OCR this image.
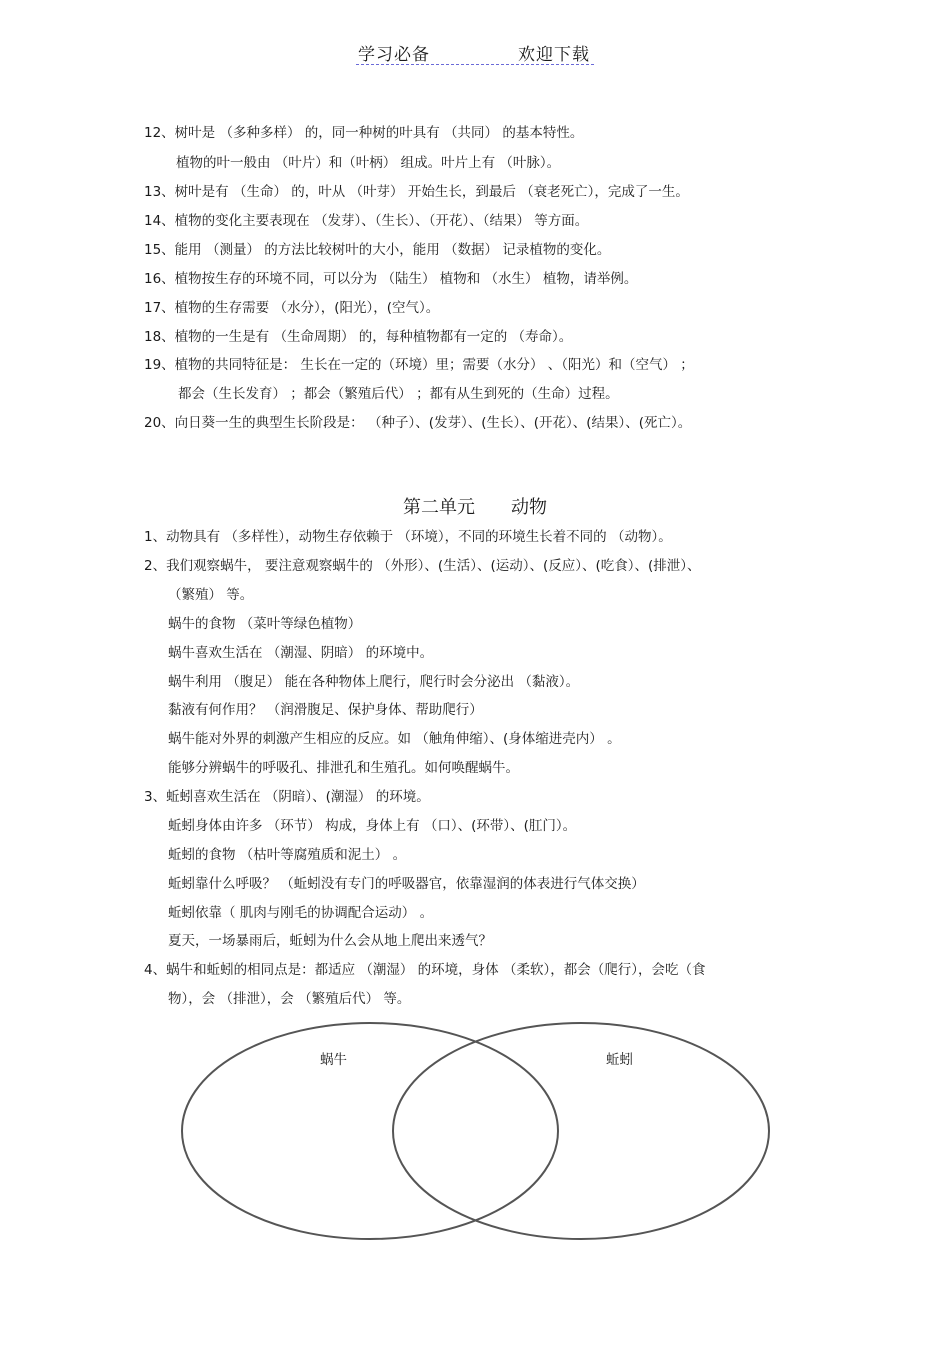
学习必备	欢迎下载
12、树叶是 （多种多样） 的，同一种树的叶具有 （共同） 的基本特性。
植物的叶一般由 （叶片）和（叶柄） 组成。叶片上有 （叶脉）。
13、树叶是有 （生命） 的，叶从 （叶芽） 开始生长，到最后 （衰老死亡），完成了一生。
14、植物的变化主要表现在 （发芽）、（生长）、（开花）、（结果） 等方面。
15、能用 （测量） 的方法比较树叶的大小，能用 （数据） 记录植物的变化。
16、植物按生存的环境不同，可以分为 （陆生） 植物和 （水生） 植物，请举例。
17、植物的生存需要 （水分），(阳光），(空气）。
18、植物的一生是有 （生命周期） 的，每种植物都有一定的 （寿命）。
19、植物的共同特征是： 生长在一定的（环境）里；需要（水分） 、（阳光）和（空气） ；
都会（生长发育） ；都会（繁殖后代） ；都有从生到死的（生命）过程。
20、向日葵一生的典型生长阶段是： （种子）、(发芽）、(生长）、(开花）、(结果）、(死亡）。
第二单元　　动物
1、动物具有 （多样性），动物生存依赖于 （环境），不同的环境生长着不同的 （动物）。
2、我们观察蜗牛， 要注意观察蜗牛的 （外形）、(生活）、(运动）、(反应）、(吃食）、(排泄）、
（繁殖） 等。
蜗牛的食物 （菜叶等绿色植物）
蜗牛喜欢生活在 （潮湿、阴暗） 的环境中。
蜗牛利用 （腹足） 能在各种物体上爬行，爬行时会分泌出 （黏液）。
黏液有何作用？ （润滑腹足、保护身体、帮助爬行）
蜗牛能对外界的刺激产生相应的反应。如 （触角伸缩）、(身体缩进壳内） 。
能够分辨蜗牛的呼吸孔、排泄孔和生殖孔。如何唤醒蜗牛。
3、蚯蚓喜欢生活在 （阴暗）、(潮湿） 的环境。
蚯蚓身体由许多 （环节） 构成，身体上有 （口）、(环带）、(肛门）。
蚯蚓的食物 （枯叶等腐殖质和泥土） 。
蚯蚓靠什么呼吸？ （蚯蚓没有专门的呼吸器官，依靠湿润的体表进行气体交换）
蚯蚓依靠（ 肌肉与刚毛的协调配合运动） 。
夏天，一场暴雨后，蚯蚓为什么会从地上爬出来透气？
4、蜗牛和蚯蚓的相同点是：都适应 （潮湿） 的环境，身体 （柔软），都会（爬行），会吃（食
物），会 （排泄），会 （繁殖后代） 等。
蜗牛	蚯蚓
